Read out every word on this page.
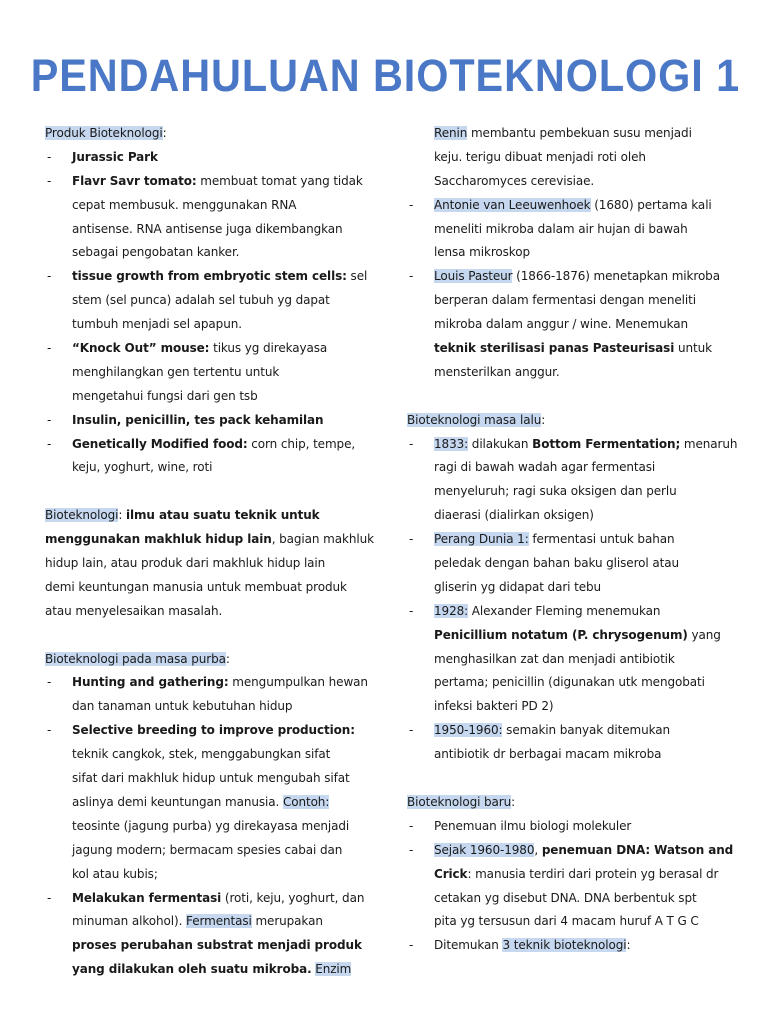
PENDAHULUAN BIOTEKNOLOGI 1
Produk Bioteknologi:
- Jurassic Park
- Flavr Savr tomato: membuat tomat yang tidak
cepat membusuk. menggunakan RNA
antisense. RNA antisense juga dikembangkan
sebagai pengobatan kanker.
- tissue growth from embryotic stem cells: sel
stem (sel punca) adalah sel tubuh yg dapat
tumbuh menjadi sel apapun.
- “Knock Out” mouse: tikus yg direkayasa
menghilangkan gen tertentu untuk
mengetahui fungsi dari gen tsb
- Insulin, penicillin, tes pack kehamilan
- Genetically Modified food: corn chip, tempe,
keju, yoghurt, wine, roti
Bioteknologi: ilmu atau suatu teknik untuk
menggunakan makhluk hidup lain, bagian makhluk
hidup lain, atau produk dari makhluk hidup lain
demi keuntungan manusia untuk membuat produk
atau menyelesaikan masalah.
Bioteknologi pada masa purba:
- Hunting and gathering: mengumpulkan hewan
dan tanaman untuk kebutuhan hidup
- Selective breeding to improve production:
teknik cangkok, stek, menggabungkan sifat
sifat dari makhluk hidup untuk mengubah sifat
aslinya demi keuntungan manusia. Contoh:
teosinte (jagung purba) yg direkayasa menjadi
jagung modern; bermacam spesies cabai dan
kol atau kubis;
- Melakukan fermentasi (roti, keju, yoghurt, dan
minuman alkohol). Fermentasi merupakan
proses perubahan substrat menjadi produk
yang dilakukan oleh suatu mikroba. Enzim
Renin membantu pembekuan susu menjadi
keju. terigu dibuat menjadi roti oleh
Saccharomyces cerevisiae.
- Antonie van Leeuwenhoek (1680) pertama kali
meneliti mikroba dalam air hujan di bawah
lensa mikroskop
- Louis Pasteur (1866-1876) menetapkan mikroba
berperan dalam fermentasi dengan meneliti
mikroba dalam anggur / wine. Menemukan
teknik sterilisasi panas Pasteurisasi untuk
mensterilkan anggur.
Bioteknologi masa lalu:
- 1833: dilakukan Bottom Fermentation; menaruh
ragi di bawah wadah agar fermentasi
menyeluruh; ragi suka oksigen dan perlu
diaerasi (dialirkan oksigen)
- Perang Dunia 1: fermentasi untuk bahan
peledak dengan bahan baku gliserol atau
gliserin yg didapat dari tebu
- 1928: Alexander Fleming menemukan
Penicillium notatum (P. chrysogenum) yang
menghasilkan zat dan menjadi antibiotik
pertama; penicillin (digunakan utk mengobati
infeksi bakteri PD 2)
- 1950-1960: semakin banyak ditemukan
antibiotik dr berbagai macam mikroba
Bioteknologi baru:
- Penemuan ilmu biologi molekuler
- Sejak 1960-1980, penemuan DNA: Watson and
Crick: manusia terdiri dari protein yg berasal dr
cetakan yg disebut DNA. DNA berbentuk spt
pita yg tersusun dari 4 macam huruf A T G C
- Ditemukan 3 teknik bioteknologi:
